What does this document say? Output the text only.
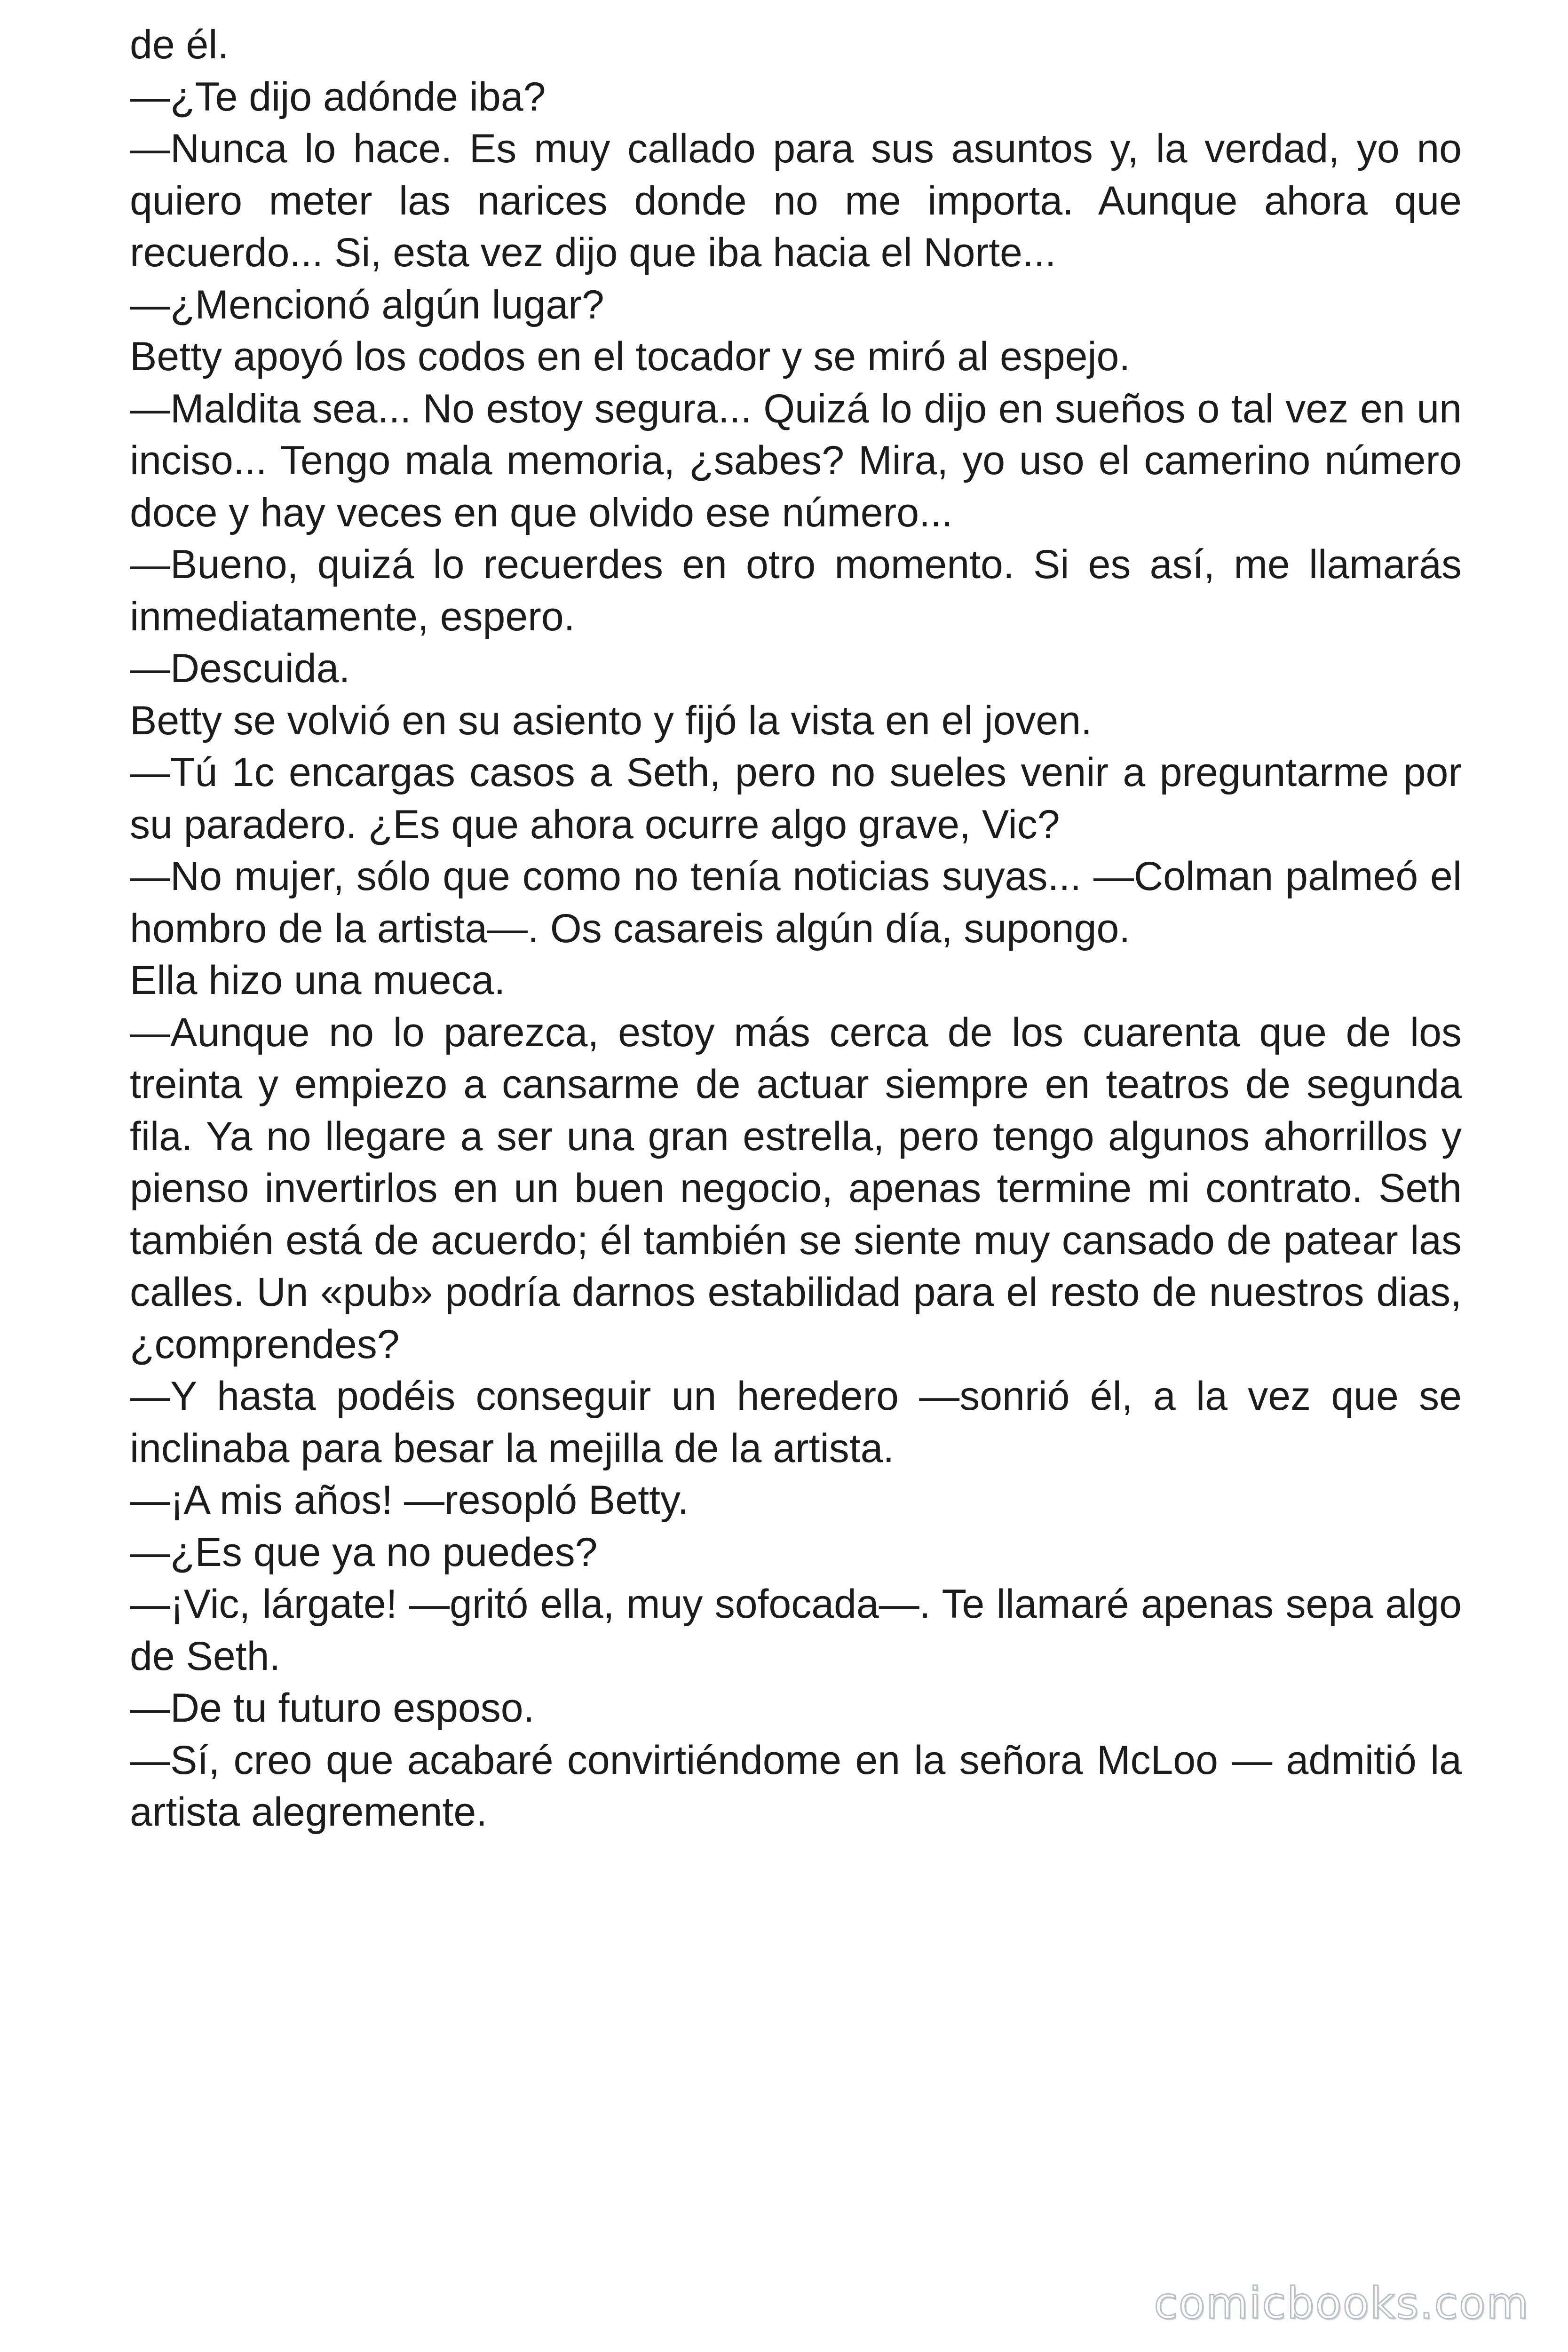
de él.

—¿Te dijo adónde iba?

—Nunca lo hace. Es muy callado para sus asuntos y, la verdad, yo no quiero meter las narices donde no me importa. Aunque ahora que recuerdo... Si, esta vez dijo que iba hacia el Norte...

—¿Mencionó algún lugar?

Betty apoyó los codos en el tocador y se miró al espejo.

—Maldita sea... No estoy segura... Quizá lo dijo en sueños o tal vez en un inciso... Tengo mala memoria, ¿sabes? Mira, yo uso el camerino número doce y hay veces en que olvido ese número...

—Bueno, quizá lo recuerdes en otro momento. Si es así, me llamarás inmediatamente, espero.

—Descuida.

Betty se volvió en su asiento y fijó la vista en el joven.

—Tú 1c encargas casos a Seth, pero no sueles venir a preguntarme por su paradero. ¿Es que ahora ocurre algo grave, Vic?

—No mujer, sólo que como no tenía noticias suyas... —Colman palmeó el hombro de la artista—. Os casareis algún día, supongo.

Ella hizo una mueca.

—Aunque no lo parezca, estoy más cerca de los cuarenta que de los treinta y empiezo a cansarme de actuar siempre en teatros de segunda fila. Ya no llegare a ser una gran estrella, pero tengo algunos ahorrillos y pienso invertirlos en un buen negocio, apenas termine mi contrato. Seth también está de acuerdo; él también se siente muy cansado de patear las calles. Un «pub» podría darnos estabilidad para el resto de nuestros dias, ¿comprendes?

—Y hasta podéis conseguir un heredero —sonrió él, a la vez que se inclinaba para besar la mejilla de la artista.

—¡A mis años! —resopló Betty.

—¿Es que ya no puedes?

—¡Vic, lárgate! —gritó ella, muy sofocada—. Te llamaré apenas sepa algo de Seth.

—De tu futuro esposo.

—Sí, creo que acabaré convirtiéndome en la señora McLoo — admitió la artista alegremente.

comicbooks.com
